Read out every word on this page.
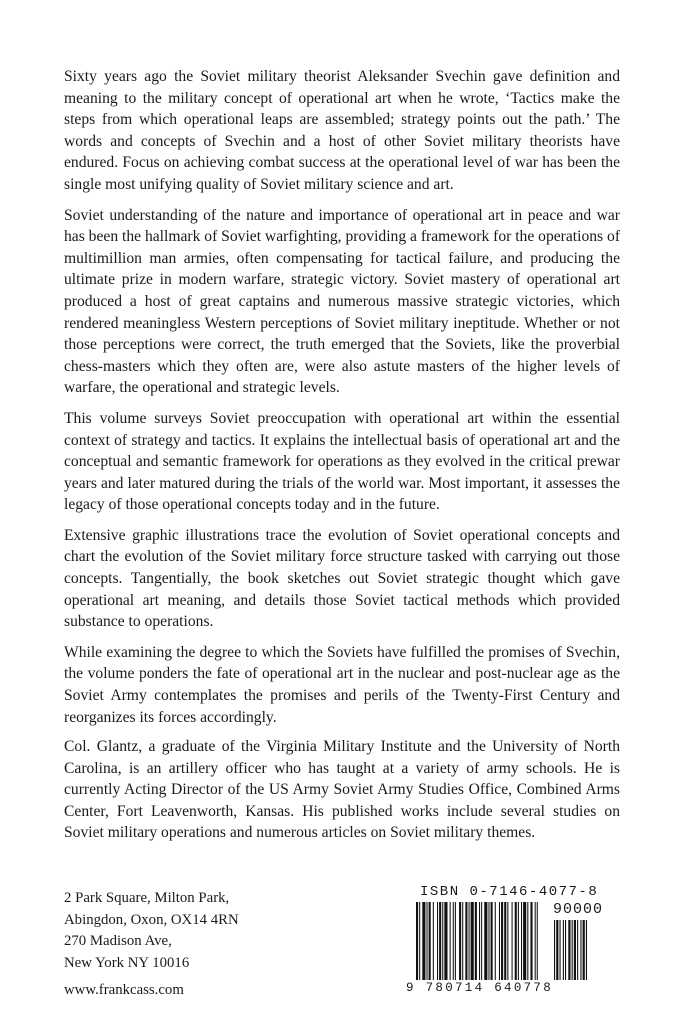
Sixty years ago the Soviet military theorist Aleksander Svechin gave definition and meaning to the military concept of operational art when he wrote, ‘Tactics make the steps from which operational leaps are assembled; strategy points out the path.’ The words and concepts of Svechin and a host of other Soviet military theorists have endured. Focus on achieving combat success at the operational level of war has been the single most unifying quality of Soviet military science and art.

Soviet understanding of the nature and importance of operational art in peace and war has been the hallmark of Soviet warfighting, providing a framework for the operations of multimillion man armies, often compensating for tactical failure, and producing the ultimate prize in modern warfare, strategic victory. Soviet mastery of operational art produced a host of great captains and numerous massive strategic victories, which rendered meaningless Western perceptions of Soviet military ineptitude. Whether or not those perceptions were correct, the truth emerged that the Soviets, like the proverbial chess-masters which they often are, were also astute masters of the higher levels of warfare, the operational and strategic levels.

This volume surveys Soviet preoccupation with operational art within the essential context of strategy and tactics. It explains the intellectual basis of operational art and the conceptual and semantic framework for operations as they evolved in the critical prewar years and later matured during the trials of the world war. Most important, it assesses the legacy of those operational concepts today and in the future.

Extensive graphic illustrations trace the evolution of Soviet operational concepts and chart the evolution of the Soviet military force structure tasked with carrying out those concepts. Tangentially, the book sketches out Soviet strategic thought which gave operational art meaning, and details those Soviet tactical methods which provided substance to operations.

While examining the degree to which the Soviets have fulfilled the promises of Svechin, the volume ponders the fate of operational art in the nuclear and post-nuclear age as the Soviet Army contemplates the promises and perils of the Twenty-First Century and reorganizes its forces accordingly.

Col. Glantz, a graduate of the Virginia Military Institute and the University of North Carolina, is an artillery officer who has taught at a variety of army schools. He is currently Acting Director of the US Army Soviet Army Studies Office, Combined Arms Center, Fort Leavenworth, Kansas. His published works include several studies on Soviet military operations and numerous articles on Soviet military themes.

2 Park Square, Milton Park,
Abingdon, Oxon, OX14 4RN
270 Madison Ave,
New York NY 10016
www.frankcass.com
ISBN 0-7146-4077-8
90000
9 780714 640778
